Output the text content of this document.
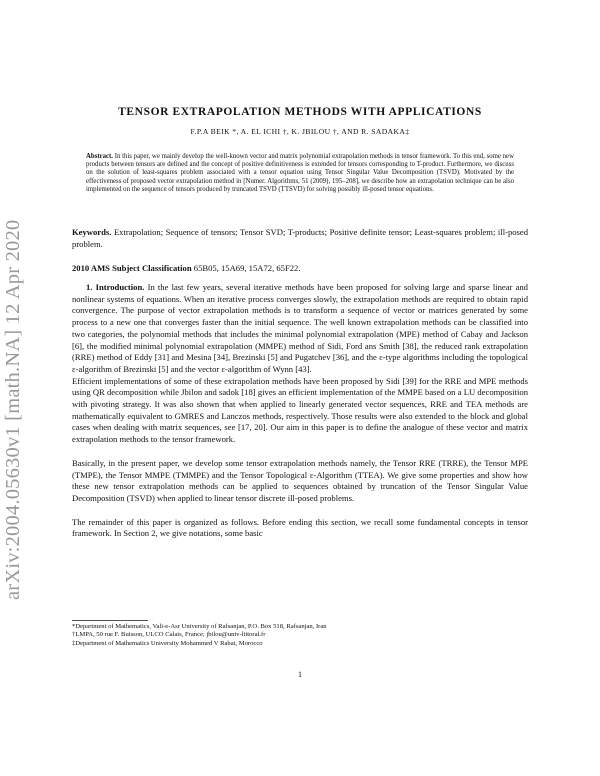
arXiv:2004.05630v1 [math.NA] 12 Apr 2020
TENSOR EXTRAPOLATION METHODS WITH APPLICATIONS
F.P.A BEIK *, A. EL ICHI †, K. JBILOU †, AND R. SADAKA‡
Abstract. In this paper, we mainly develop the well-known vector and matrix polynomial extrapolation methods in tensor framework. To this end, some new products between tensors are defined and the concept of positive definitiveness is extended for tensors corresponding to T-product. Furthermore, we discuss on the solution of least-squares problem associated with a tensor equation using Tensor Singular Value Decomposition (TSVD). Motivated by the effectiveness of proposed vector extrapolation method in [Numer. Algorithms, 51 (2009), 195–208], we describe how an extrapolation technique can be also implemented on the sequence of tensors produced by truncated TSVD (TTSVD) for solving possibly ill-posed tensor equations.
Keywords. Extrapolation; Sequence of tensors; Tensor SVD; T-products; Positive definite tensor; Least-squares problem; ill-posed problem.
2010 AMS Subject Classification 65B05, 15A69, 15A72, 65F22.

1. Introduction. In the last few years, several iterative methods have been proposed for solving large and sparse linear and nonlinear systems of equations. When an iterative process converges slowly, the extrapolation methods are required to obtain rapid convergence. The purpose of vector extrapolation methods is to transform a sequence of vector or matrices generated by some process to a new one that converges faster than the initial sequence. The well known extrapolation methods can be classified into two categories, the polynomial methods that includes the minimal polynomial extrapolation (MPE) method of Cabay and Jackson [6], the modified minimal polynomial extrapolation (MMPE) method of Sidi, Ford ans Smith [38], the reduced rank extrapolation (RRE) method of Eddy [31] and Mesina [34], Brezinski [5] and Pugatchev [36], and the ε-type algorithms including the topological ε-algorithm of Brezinski [5] and the vector ε-algorithm of Wynn [43].

Efficient implementations of some of these extrapolation methods have been proposed by Sidi [39] for the RRE and MPE methods using QR decomposition while Jbilon and sadok [18] gives an efficient implementation of the MMPE based on a LU decomposition with pivoting strategy. It was also shown that when applied to linearly generated vector sequences, RRE and TEA methods are mathematically equivalent to GMRES and Lanczos methods, respectively. Those results were also extended to the block and global cases when dealing with matrix sequences, see [17, 20]. Our aim in this paper is to define the analogue of these vector and matrix extrapolation methods to the tensor framework.

Basically, in the present paper, we develop some tensor extrapolation methods namely, the Tensor RRE (TRRE), the Tensor MPE (TMPE), the Tensor MMPE (TMMPE) and the Tensor Topological ε-Algorithm (TTEA). We give some properties and show how these new tensor extrapolation methods can be applied to sequences obtained by truncation of the Tensor Singular Value Decomposition (TSVD) when applied to linear tensor discrete ill-posed problems.

The remainder of this paper is organized as follows. Before ending this section, we recall some fundamental concepts in tensor framework. In Section 2, we give notations, some basic

*Department of Mathematics, Vali-e-Asr University of Rafsanjan, P.O. Box 518, Rafsanjan, Iran
†LMPA, 50 rue F. Buisson, ULCO Calais, France; jbilou@univ-littoral.fr
‡Department of Mathematics University Mohammed V Rabat, Morocco
1
